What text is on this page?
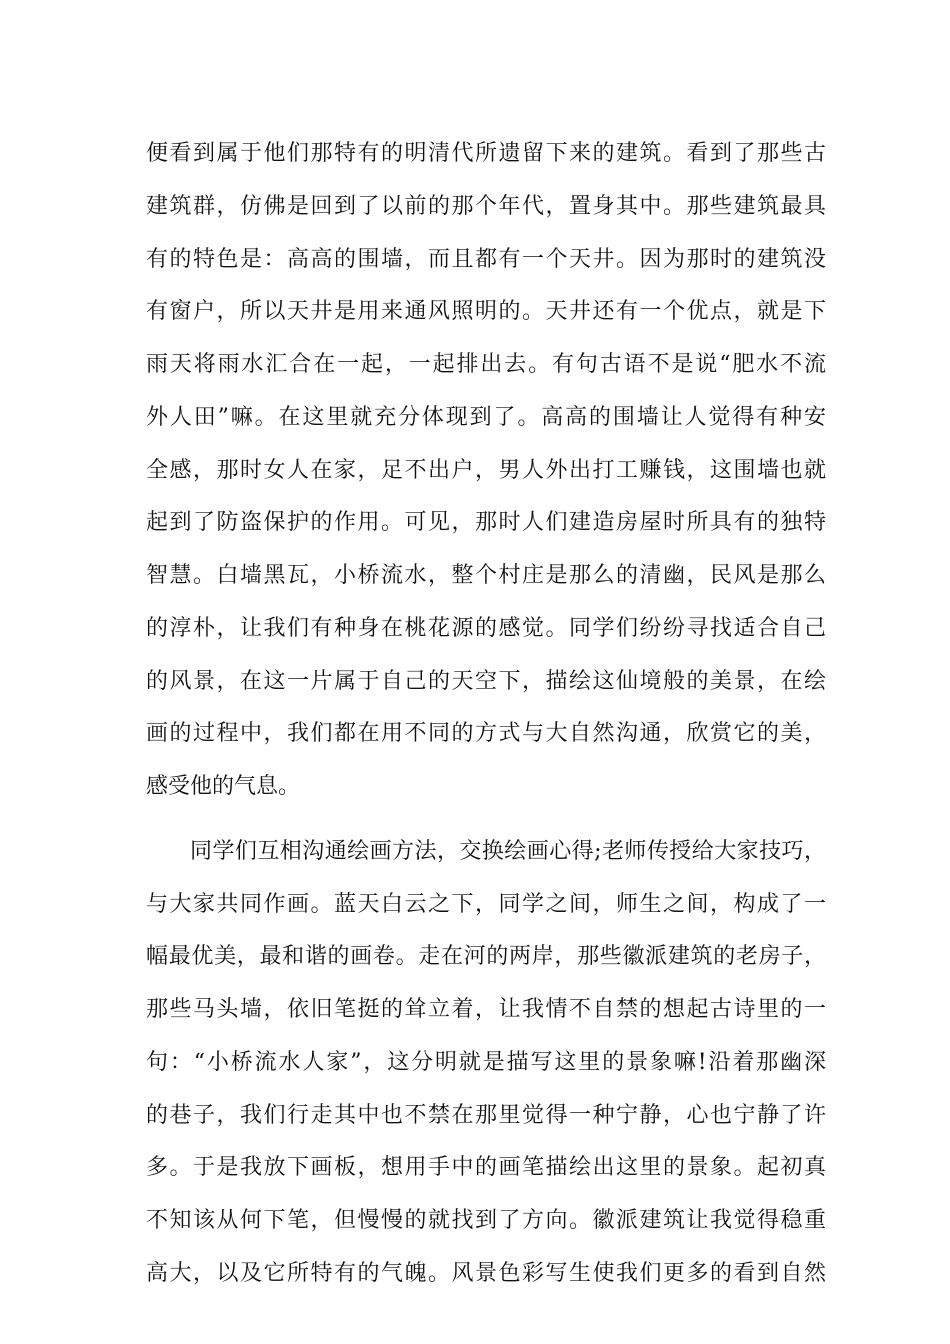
便看到属于他们那特有的明清代所遗留下来的建筑。看到了那些古
建筑群，仿佛是回到了以前的那个年代，置身其中。那些建筑最具
有的特色是：高高的围墙，而且都有一个天井。因为那时的建筑没
有窗户，所以天井是用来通风照明的。天井还有一个优点，就是下
雨天将雨水汇合在一起，一起排出去。有句古语不是说“肥水不流
外人田”嘛。在这里就充分体现到了。高高的围墙让人觉得有种安
全感，那时女人在家，足不出户，男人外出打工赚钱，这围墙也就
起到了防盗保护的作用。可见，那时人们建造房屋时所具有的独特
智慧。白墙黑瓦，小桥流水，整个村庄是那么的清幽，民风是那么
的淳朴，让我们有种身在桃花源的感觉。同学们纷纷寻找适合自己
的风景，在这一片属于自己的天空下，描绘这仙境般的美景，在绘
画的过程中，我们都在用不同的方式与大自然沟通，欣赏它的美，
感受他的气息。
同学们互相沟通绘画方法，交换绘画心得;老师传授给大家技巧，
与大家共同作画。蓝天白云之下，同学之间，师生之间，构成了一
幅最优美，最和谐的画卷。走在河的两岸，那些徽派建筑的老房子，
那些马头墙，依旧笔挺的耸立着，让我情不自禁的想起古诗里的一
句：“小桥流水人家”，这分明就是描写这里的景象嘛!沿着那幽深
的巷子，我们行走其中也不禁在那里觉得一种宁静，心也宁静了许
多。于是我放下画板，想用手中的画笔描绘出这里的景象。起初真
不知该从何下笔，但慢慢的就找到了方向。徽派建筑让我觉得稳重
高大，以及它所特有的气魄。风景色彩写生使我们更多的看到自然
